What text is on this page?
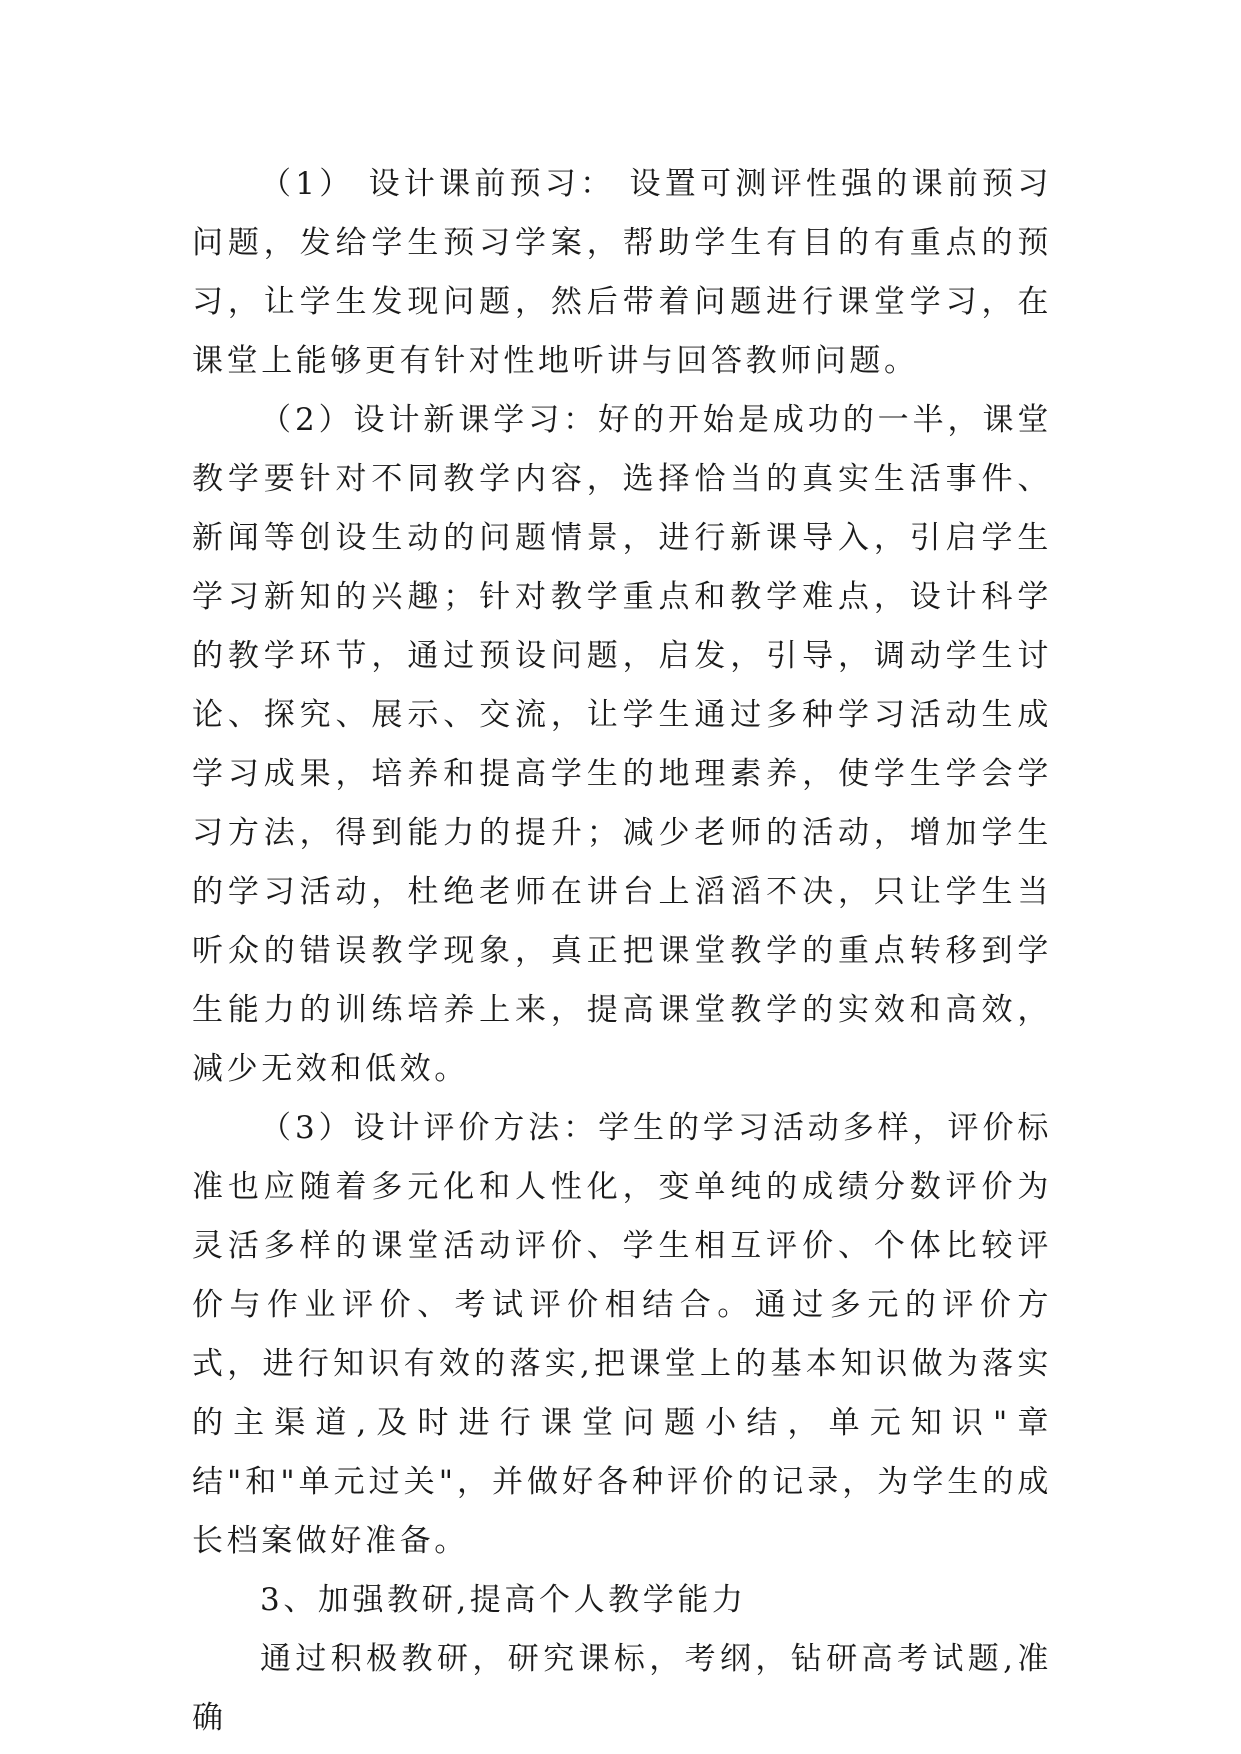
（1） 设计课前预习： 设置可测评性强的课前预习问题，发给学生预习学案，帮助学生有目的有重点的预习，让学生发现问题，然后带着问题进行课堂学习，在课堂上能够更有针对性地听讲与回答教师问题。

（2）设计新课学习：好的开始是成功的一半，课堂教学要针对不同教学内容，选择恰当的真实生活事件、新闻等创设生动的问题情景，进行新课导入，引启学生学习新知的兴趣；针对教学重点和教学难点，设计科学的教学环节，通过预设问题，启发，引导，调动学生讨论、探究、展示、交流，让学生通过多种学习活动生成学习成果，培养和提高学生的地理素养，使学生学会学习方法，得到能力的提升；减少老师的活动，增加学生的学习活动，杜绝老师在讲台上滔滔不决，只让学生当听众的错误教学现象，真正把课堂教学的重点转移到学生能力的训练培养上来，提高课堂教学的实效和高效，减少无效和低效。

（3）设计评价方法：学生的学习活动多样，评价标准也应随着多元化和人性化，变单纯的成绩分数评价为灵活多样的课堂活动评价、学生相互评价、个体比较评价与作业评价、考试评价相结合。通过多元的评价方式，进行知识有效的落实,把课堂上的基本知识做为落实的主渠道,及时进行课堂问题小结，单元知识"章结"和"单元过关"，并做好各种评价的记录，为学生的成长档案做好准备。

3、加强教研,提高个人教学能力

通过积极教研，研究课标，考纲，钻研高考试题,准确
